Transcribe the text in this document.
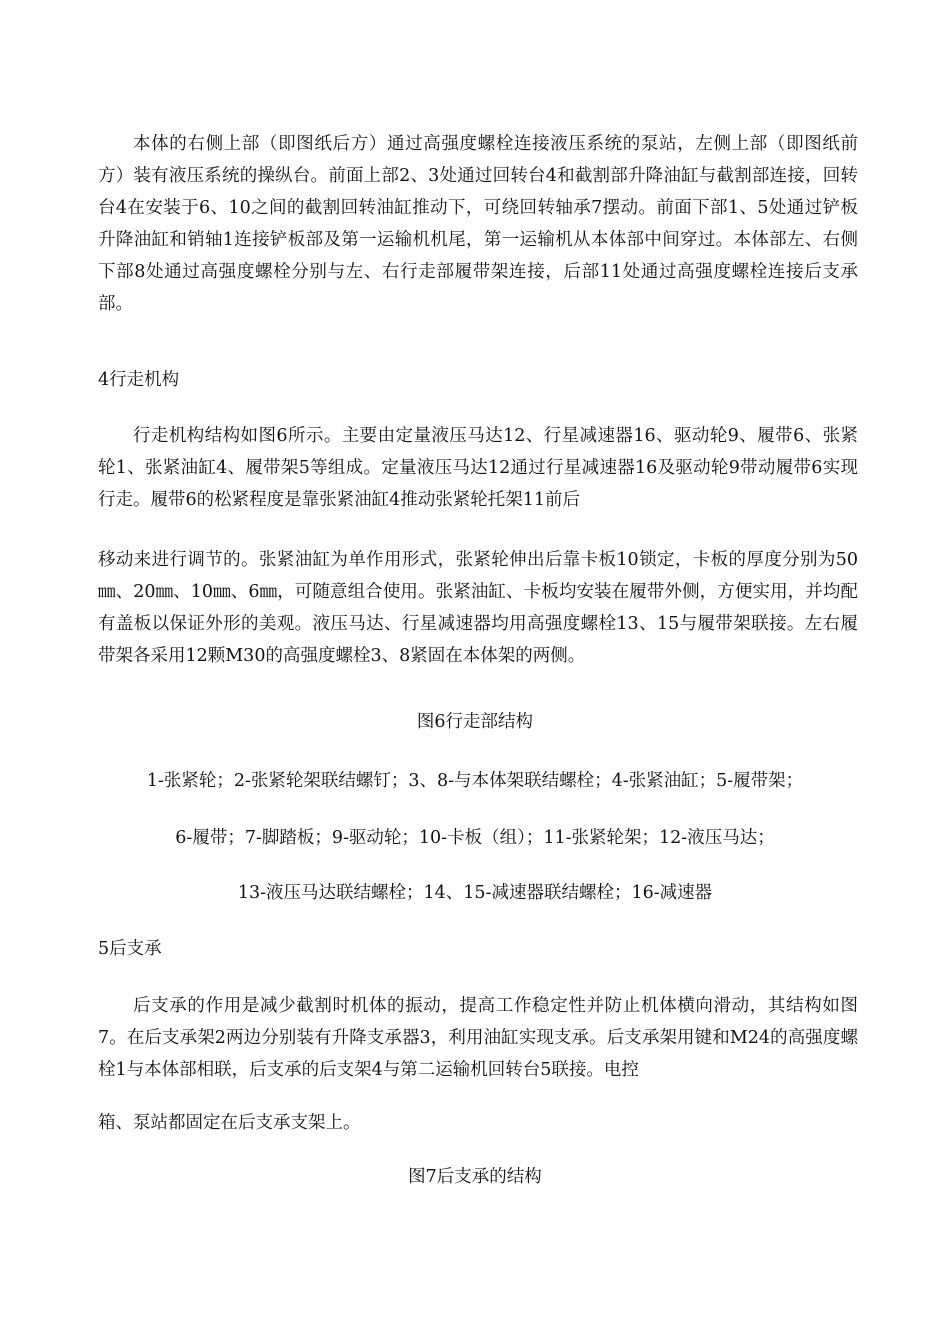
本体的右侧上部（即图纸后方）通过高强度螺栓连接液压系统的泵站，左侧上部（即图纸前方）装有液压系统的操纵台。前面上部2、3处通过回转台4和截割部升降油缸与截割部连接，回转台4在安装于6、10之间的截割回转油缸推动下，可绕回转轴承7摆动。前面下部1、5处通过铲板升降油缸和销轴1连接铲板部及第一运输机机尾，第一运输机从本体部中间穿过。本体部左、右侧下部8处通过高强度螺栓分别与左、右行走部履带架连接，后部11处通过高强度螺栓连接后支承部。

4行走机构

行走机构结构如图6所示。主要由定量液压马达12、行星减速器16、驱动轮9、履带6、张紧轮1、张紧油缸4、履带架5等组成。定量液压马达12通过行星减速器16及驱动轮9带动履带6实现行走。履带6的松紧程度是靠张紧油缸4推动张紧轮托架11前后

移动来进行调节的。张紧油缸为单作用形式，张紧轮伸出后靠卡板10锁定，卡板的厚度分别为50㎜、20㎜、10㎜、6㎜，可随意组合使用。张紧油缸、卡板均安装在履带外侧，方便实用，并均配有盖板以保证外形的美观。液压马达、行星减速器均用高强度螺栓13、15与履带架联接。左右履带架各采用12颗M30的高强度螺栓3、8紧固在本体架的两侧。

图6行走部结构

1-张紧轮；2-张紧轮架联结螺钉；3、8-与本体架联结螺栓；4-张紧油缸；5-履带架；

6-履带；7-脚踏板；9-驱动轮；10-卡板（组）；11-张紧轮架；12-液压马达；

13-液压马达联结螺栓；14、15-减速器联结螺栓；16-减速器

5后支承

后支承的作用是减少截割时机体的振动，提高工作稳定性并防止机体横向滑动，其结构如图7。在后支承架2两边分别装有升降支承器3，利用油缸实现支承。后支承架用键和M24的高强度螺栓1与本体部相联，后支承的后支架4与第二运输机回转台5联接。电控

箱、泵站都固定在后支承支架上。

图7后支承的结构
